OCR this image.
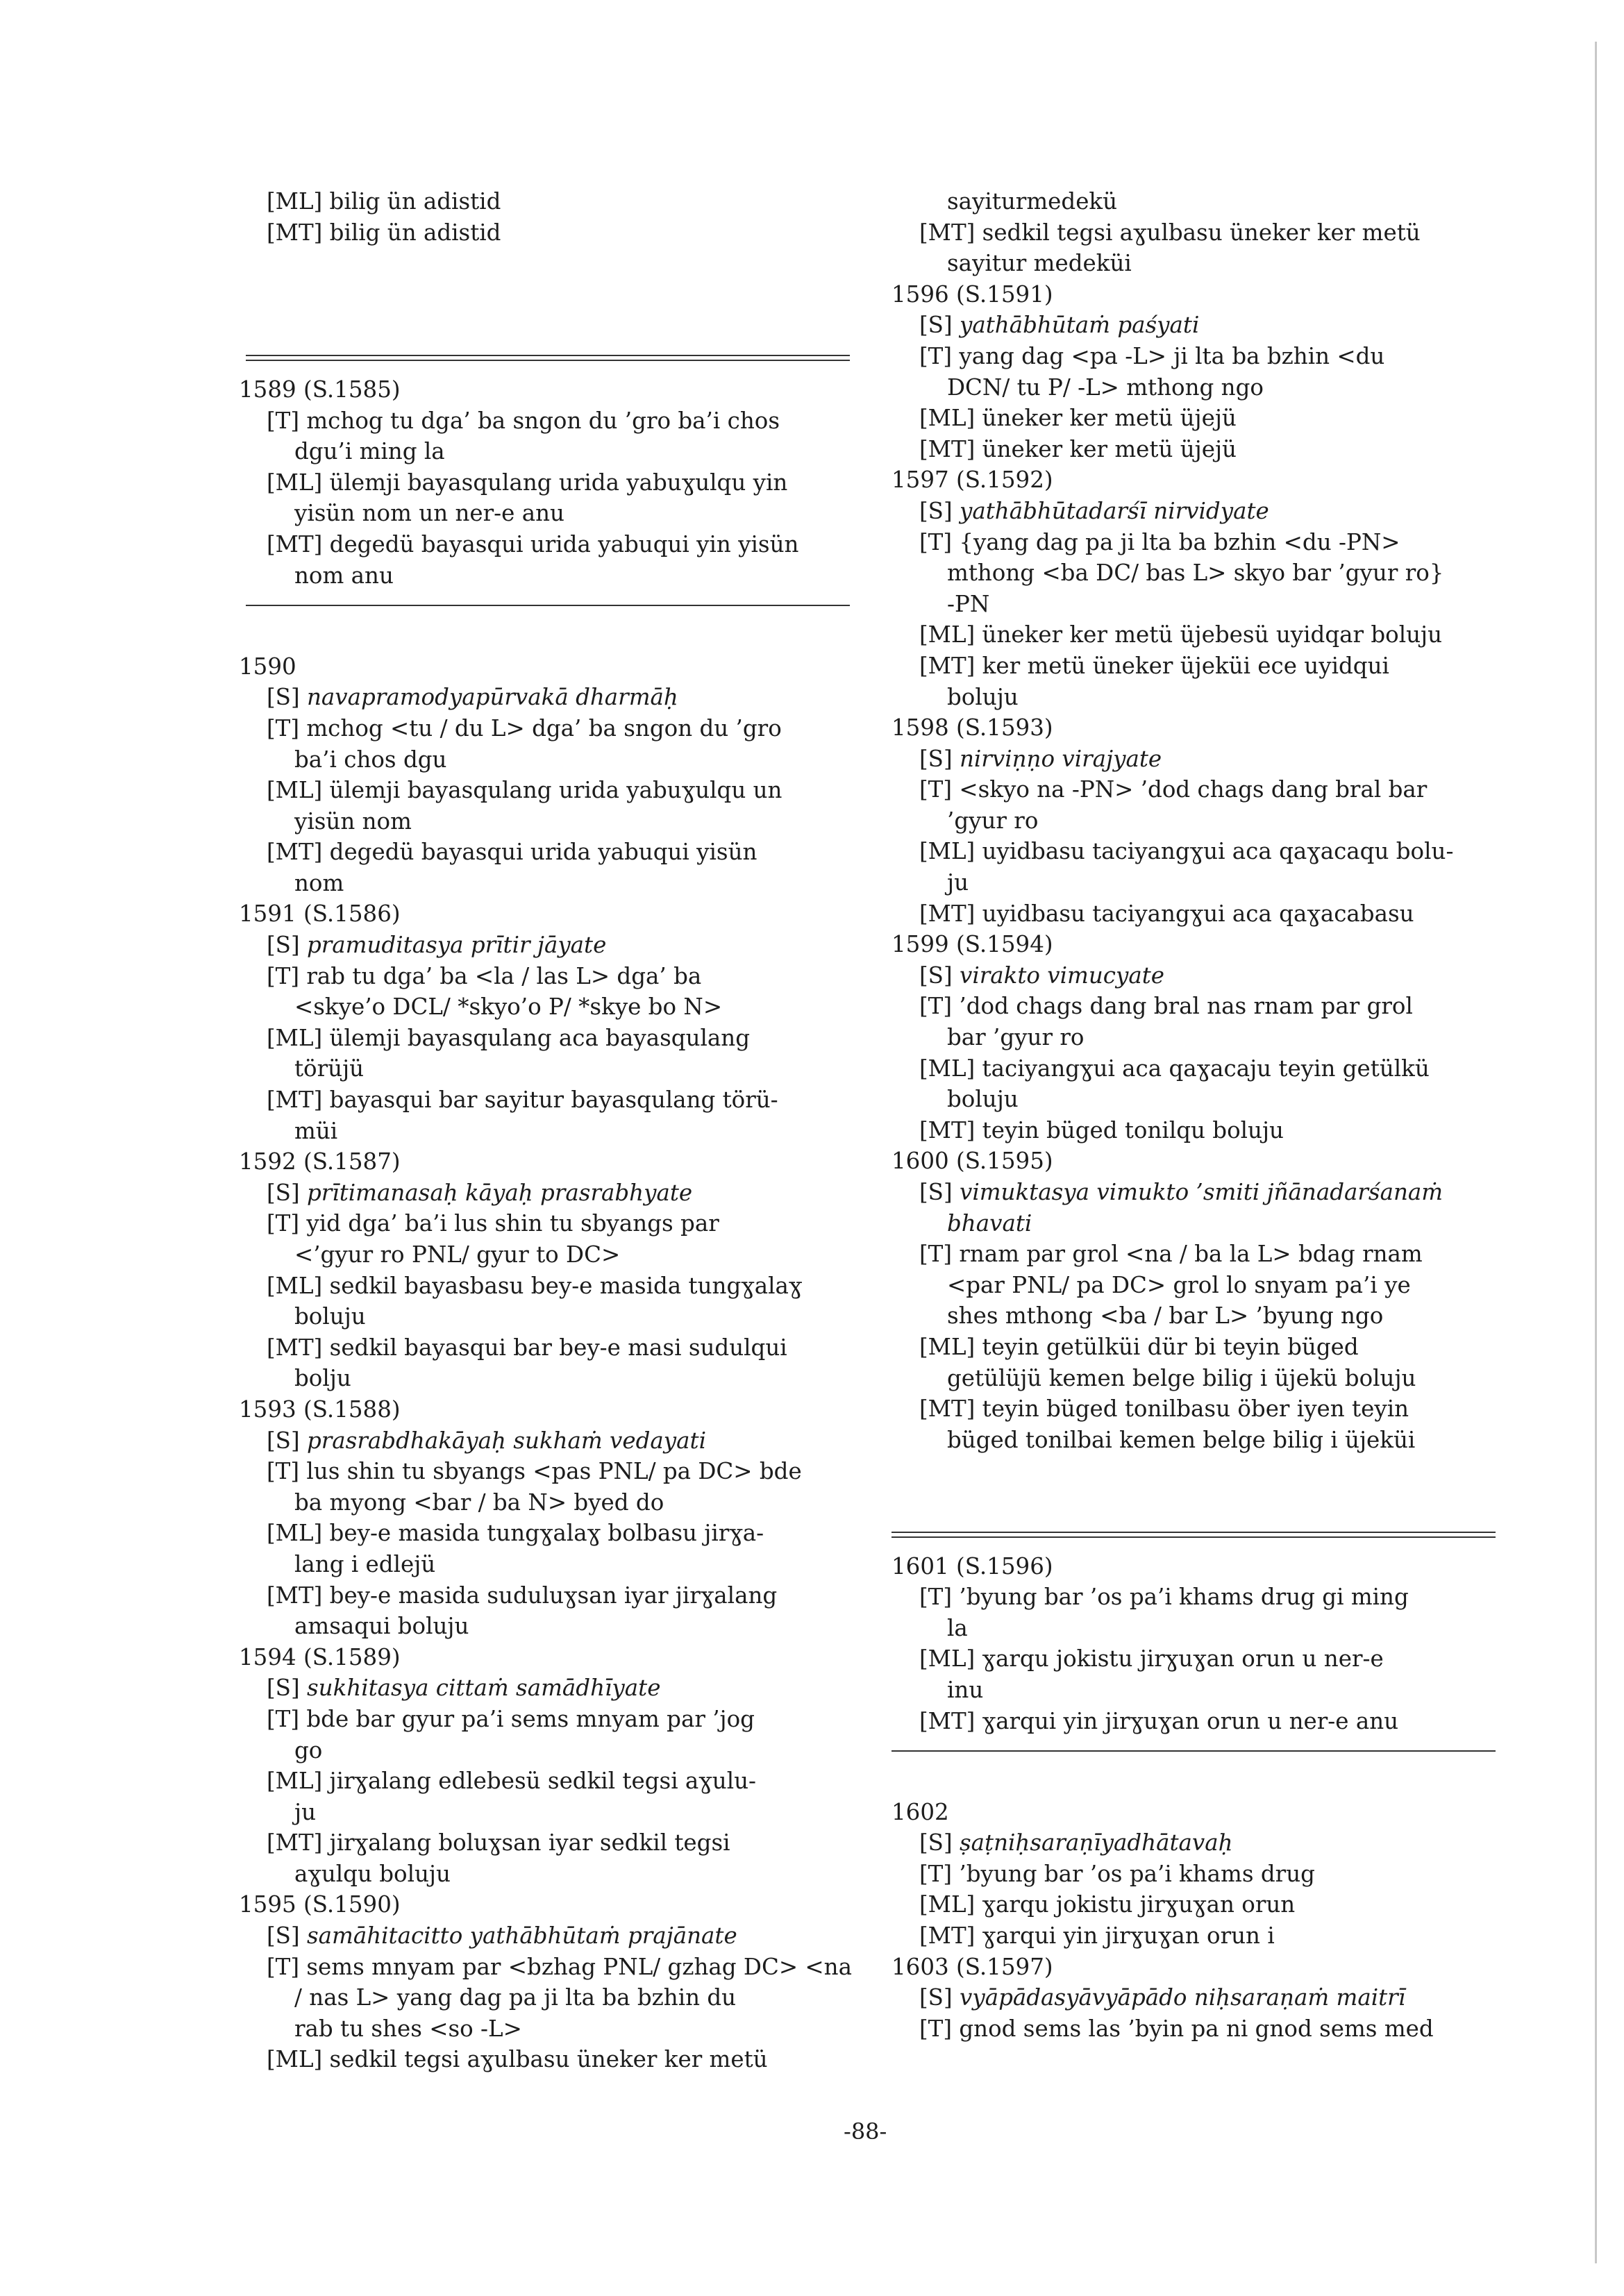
[ML] bilig ün adistid
[MT] bilig ün adistid
1589 (S.1585)
[T] mchog tu dga’ ba sngon du ’gro ba’i chos
dgu’i ming la
[ML] ülemji bayasqulang urida yabuɣulqu yin
yisün nom un ner-e anu
[MT] degedü bayasqui urida yabuqui yin yisün
nom anu
1590
[S] navapramodyapūrvakā dharmāḥ
[T] mchog <tu / du L> dga’ ba sngon du ’gro
ba’i chos dgu
[ML] ülemji bayasqulang urida yabuɣulqu un
yisün nom
[MT] degedü bayasqui urida yabuqui yisün
nom
1591 (S.1586)
[S] pramuditasya prītir jāyate
[T] rab tu dga’ ba <la / las L> dga’ ba
<skye’o DCL/ *skyo’o P/ *skye bo N>
[ML] ülemji bayasqulang aca bayasqulang
törüjü
[MT] bayasqui bar sayitur bayasqulang törü-
müi
1592 (S.1587)
[S] prītimanasaḥ kāyaḥ prasrabhyate
[T] yid dga’ ba’i lus shin tu sbyangs par
<’gyur ro PNL/ gyur to DC>
[ML] sedkil bayasbasu bey-e masida tungɣalaɣ
boluju
[MT] sedkil bayasqui bar bey-e masi sudulqui
bolju
1593 (S.1588)
[S] prasrabdhakāyaḥ sukhaṁ vedayati
[T] lus shin tu sbyangs <pas PNL/ pa DC> bde
ba myong <bar / ba N> byed do
[ML] bey-e masida tungɣalaɣ bolbasu jirɣa-
lang i edlejü
[MT] bey-e masida suduluɣsan iyar jirɣalang
amsaqui boluju
1594 (S.1589)
[S] sukhitasya cittaṁ samādhīyate
[T] bde bar gyur pa’i sems mnyam par ’jog
go
[ML] jirɣalang edlebesü sedkil tegsi aɣulu-
ju
[MT] jirɣalang boluɣsan iyar sedkil tegsi
aɣulqu boluju
1595 (S.1590)
[S] samāhitacitto yathābhūtaṁ prajānate
[T] sems mnyam par <bzhag PNL/ gzhag DC> <na
/ nas L> yang dag pa ji lta ba bzhin du
rab tu shes <so -L>
[ML] sedkil tegsi aɣulbasu üneker ker metü
sayiturmedekü
[MT] sedkil tegsi aɣulbasu üneker ker metü
sayitur medeküi
1596 (S.1591)
[S] yathābhūtaṁ paśyati
[T] yang dag <pa -L> ji lta ba bzhin <du
DCN/ tu P/ -L> mthong ngo
[ML] üneker ker metü üjejü
[MT] üneker ker metü üjejü
1597 (S.1592)
[S] yathābhūtadarśī nirvidyate
[T] {yang dag pa ji lta ba bzhin <du -PN>
mthong <ba DC/ bas L> skyo bar ’gyur ro}
-PN
[ML] üneker ker metü üjebesü uyidqar boluju
[MT] ker metü üneker üjeküi ece uyidqui
boluju
1598 (S.1593)
[S] nirviṇṇo virajyate
[T] <skyo na -PN> ’dod chags dang bral bar
’gyur ro
[ML] uyidbasu taciyangɣui aca qaɣacaqu bolu-
ju
[MT] uyidbasu taciyangɣui aca qaɣacabasu
1599 (S.1594)
[S] virakto vimucyate
[T] ’dod chags dang bral nas rnam par grol
bar ’gyur ro
[ML] taciyangɣui aca qaɣacaju teyin getülkü
boluju
[MT] teyin büged tonilqu boluju
1600 (S.1595)
[S] vimuktasya vimukto ’smiti jñānadarśanaṁ
bhavati
[T] rnam par grol <na / ba la L> bdag rnam
<par PNL/ pa DC> grol lo snyam pa’i ye
shes mthong <ba / bar L> ’byung ngo
[ML] teyin getülküi dür bi teyin büged
getülüjü kemen belge bilig i üjekü boluju
[MT] teyin büged tonilbasu öber iyen teyin
büged tonilbai kemen belge bilig i üjeküi
1601 (S.1596)
[T] ’byung bar ’os pa’i khams drug gi ming
la
[ML] ɣarqu jokistu jirɣuɣan orun u ner-e
inu
[MT] ɣarqui yin jirɣuɣan orun u ner-e anu
1602
[S] ṣaṭniḥsaraṇīyadhātavaḥ
[T] ’byung bar ’os pa’i khams drug
[ML] ɣarqu jokistu jirɣuɣan orun
[MT] ɣarqui yin jirɣuɣan orun i
1603 (S.1597)
[S] vyāpādasyāvyāpādo niḥsaraṇaṁ maitrī
[T] gnod sems las ’byin pa ni gnod sems med
-88-
